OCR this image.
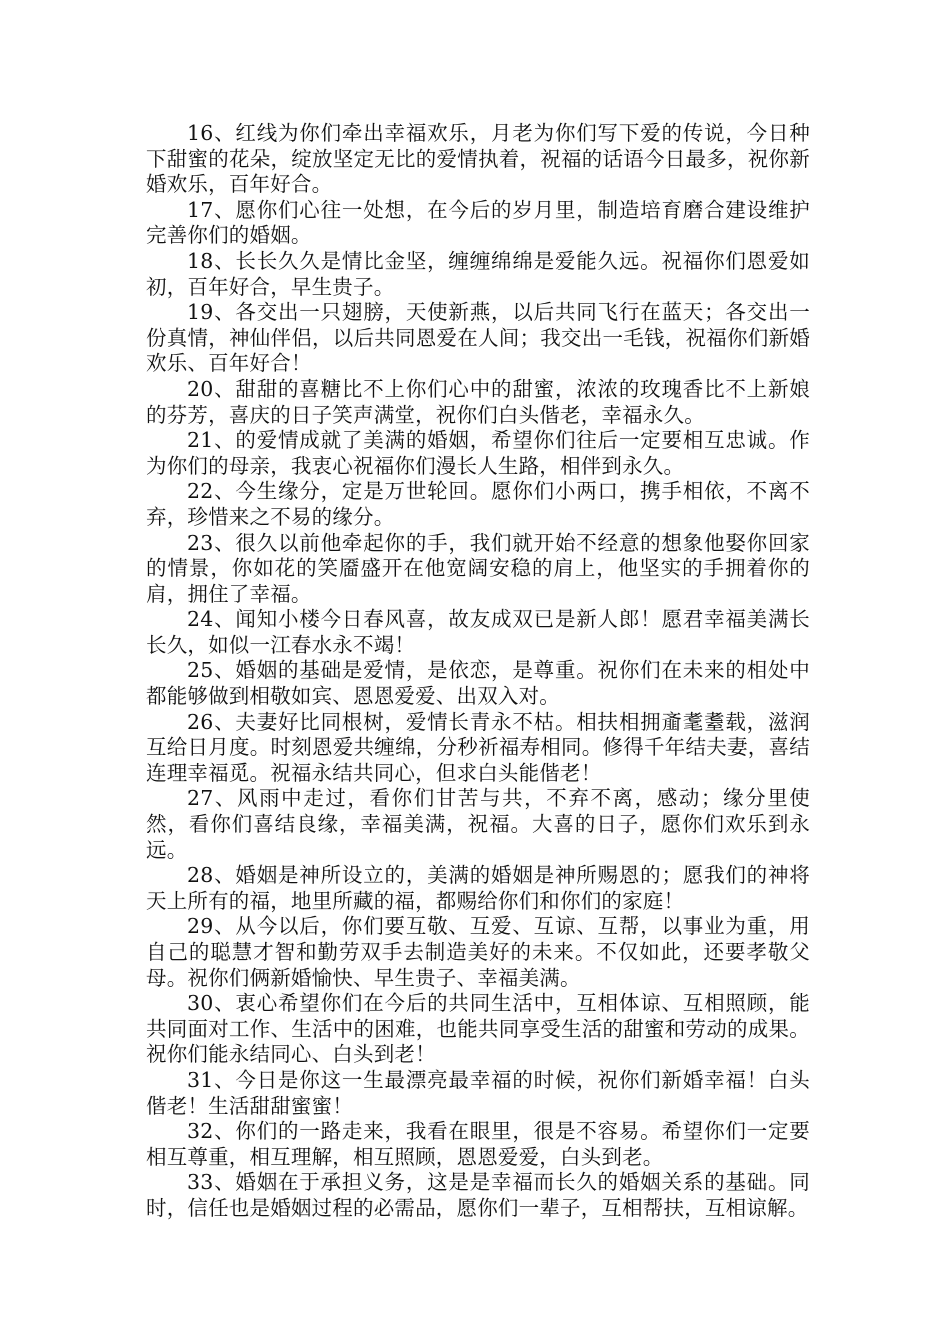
16、红线为你们牵出幸福欢乐，月老为你们写下爱的传说，今日种下甜蜜的花朵，绽放坚定无比的爱情执着，祝福的话语今日最多，祝你新婚欢乐，百年好合。

17、愿你们心往一处想，在今后的岁月里，制造培育磨合建设维护完善你们的婚姻。

18、长长久久是情比金坚，缠缠绵绵是爱能久远。祝福你们恩爱如初，百年好合，早生贵子。

19、各交出一只翅膀，天使新燕，以后共同飞行在蓝天；各交出一份真情，神仙伴侣，以后共同恩爱在人间；我交出一毛钱，祝福你们新婚欢乐、百年好合！

20、甜甜的喜糖比不上你们心中的甜蜜，浓浓的玫瑰香比不上新娘的芬芳，喜庆的日子笑声满堂，祝你们白头偕老，幸福永久。

21、的爱情成就了美满的婚姻，希望你们往后一定要相互忠诚。作为你们的母亲，我衷心祝福你们漫长人生路，相伴到永久。

22、今生缘分，定是万世轮回。愿你们小两口，携手相依，不离不弃，珍惜来之不易的缘分。

23、很久以前他牵起你的手，我们就开始不经意的想象他娶你回家的情景，你如花的笑靥盛开在他宽阔安稳的肩上，他坚实的手拥着你的肩，拥住了幸福。

24、闻知小楼今日春风喜，故友成双已是新人郎！愿君幸福美满长长久，如似一江春水永不竭！

25、婚姻的基础是爱情，是依恋，是尊重。祝你们在未来的相处中都能够做到相敬如宾、恩恩爱爱、出双入对。

26、夫妻好比同根树，爱情长青永不枯。相扶相拥齑耄耋载，滋润互给日月度。时刻恩爱共缠绵，分秒祈福寿相同。修得千年结夫妻，喜结连理幸福觅。祝福永结共同心，但求白头能偕老！

27、风雨中走过，看你们甘苦与共，不弃不离，感动；缘分里使然，看你们喜结良缘，幸福美满，祝福。大喜的日子，愿你们欢乐到永远。

28、婚姻是神所设立的，美满的婚姻是神所赐恩的；愿我们的神将天上所有的福，地里所藏的福，都赐给你们和你们的家庭！

29、从今以后，你们要互敬、互爱、互谅、互帮，以事业为重，用自己的聪慧才智和勤劳双手去制造美好的未来。不仅如此，还要孝敬父母。祝你们俩新婚愉快、早生贵子、幸福美满。

30、衷心希望你们在今后的共同生活中，互相体谅、互相照顾，能共同面对工作、生活中的困难，也能共同享受生活的甜蜜和劳动的成果。祝你们能永结同心、白头到老！

31、今日是你这一生最漂亮最幸福的时候，祝你们新婚幸福！白头偕老！生活甜甜蜜蜜！

32、你们的一路走来，我看在眼里，很是不容易。希望你们一定要相互尊重，相互理解，相互照顾，恩恩爱爱，白头到老。

33、婚姻在于承担义务，这是是幸福而长久的婚姻关系的基础。同时，信任也是婚姻过程的必需品，愿你们一辈子，互相帮扶，互相谅解。
